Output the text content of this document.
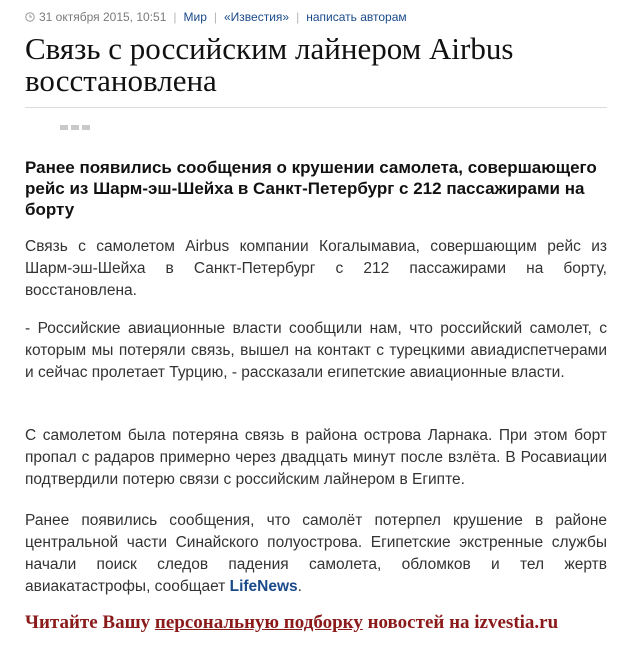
31 октября 2015, 10:51 | Мир | «Известия» | написать авторам
Связь с российским лайнером Airbus восстановлена

Ранее появились сообщения о крушении самолета, совершающего рейс из Шарм-эш-Шейха в Санкт-Петербург с 212 пассажирами на борту

Связь с самолетом Airbus компании Когалымавиа, совершающим рейс из Шарм-эш-Шейха в Санкт-Петербург с 212 пассажирами на борту, восстановлена.

- Российские авиационные власти сообщили нам, что российский самолет, с которым мы потеряли связь, вышел на контакт с турецкими авиадиспетчерами и сейчас пролетает Турцию, - рассказали египетские авиационные власти.

С самолетом была потеряна связь в района острова Ларнака. При этом борт пропал с радаров примерно через двадцать минут после взлёта. В Росавиации подтвердили потерю связи с российским лайнером в Египте.

Ранее появились сообщения, что самолёт потерпел крушение в районе центральной части Синайского полуострова. Египетские экстренные службы начали поиск следов падения самолета, обломков и тел жертв авиакатастрофы, сообщает LifeNews.

Читайте Вашу персональную подборку новостей на izvestia.ru
